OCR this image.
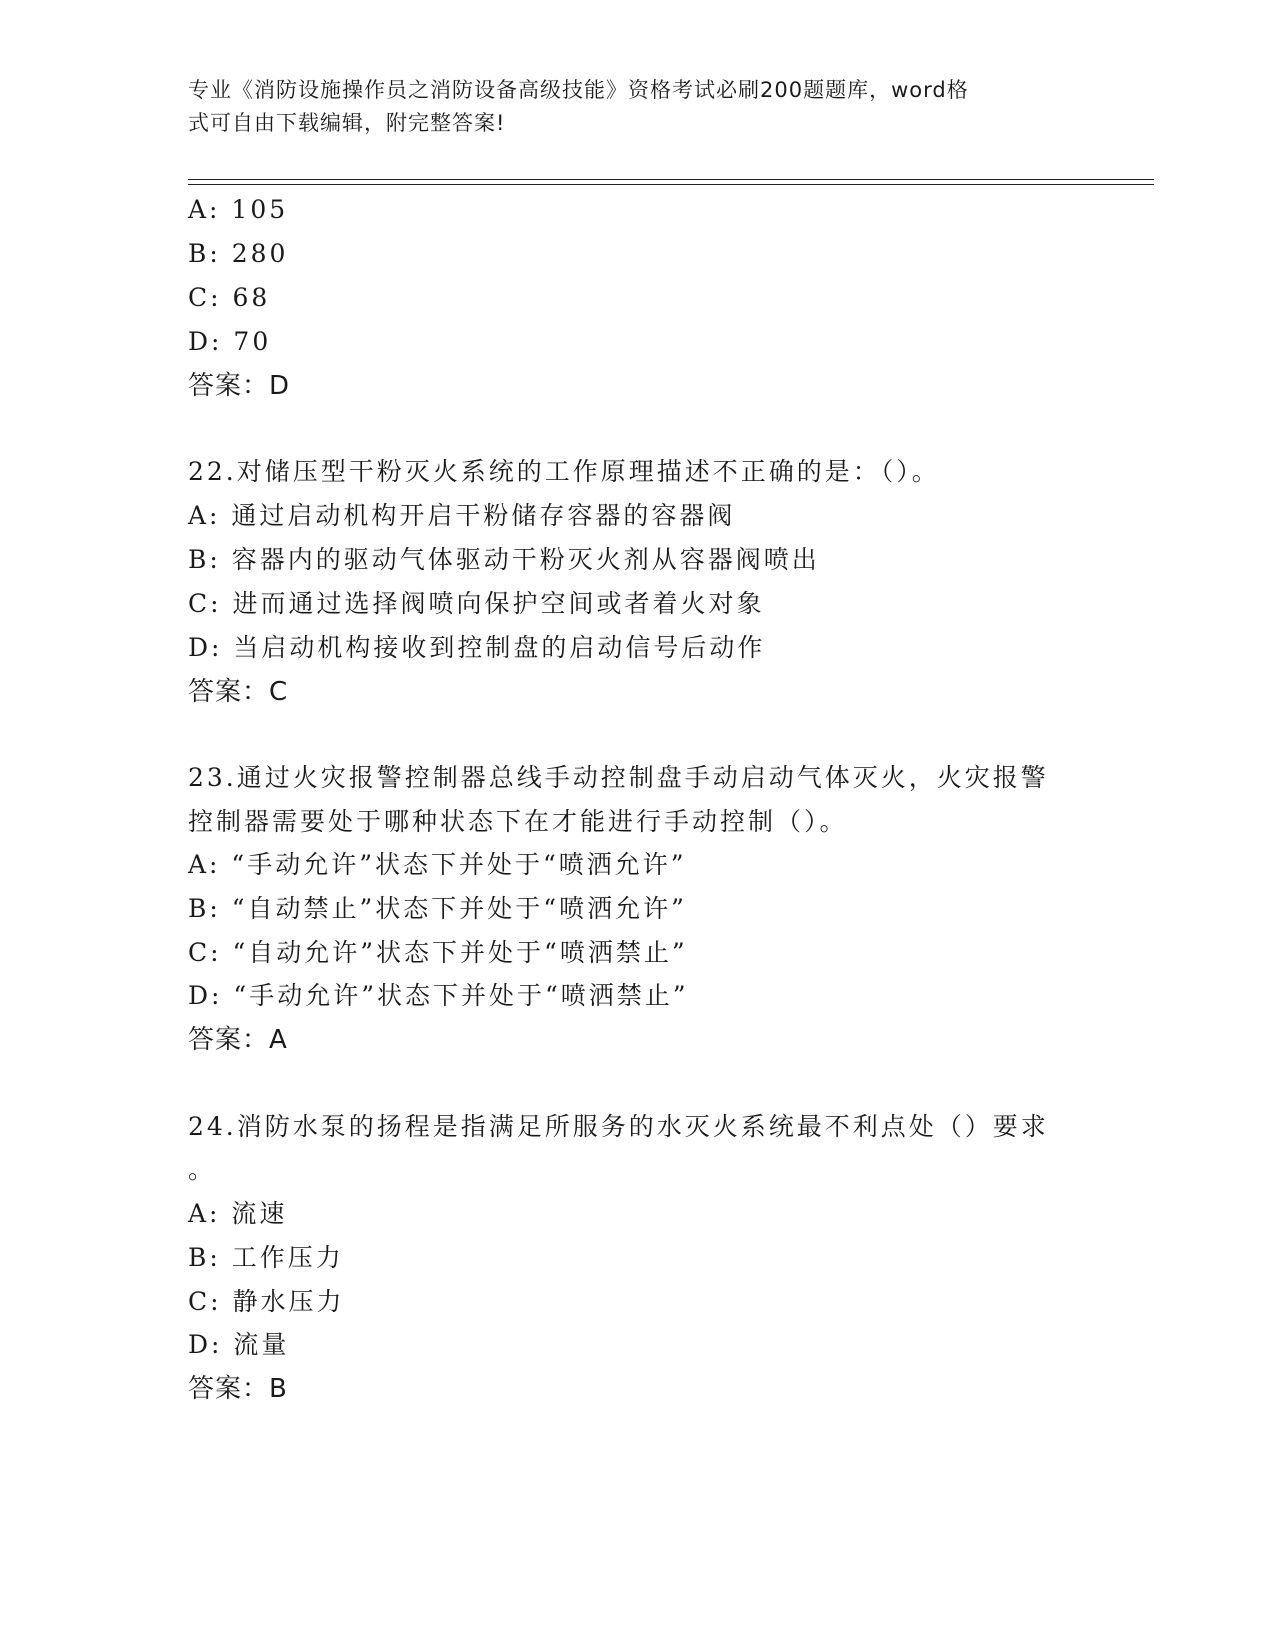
专业《消防设施操作员之消防设备高级技能》资格考试必刷200题题库，word格
式可自由下载编辑，附完整答案!

A: 105

B: 280

C: 68

D: 70

答案：D

22.对储压型干粉灭火系统的工作原理描述不正确的是：（）。

A: 通过启动机构开启干粉储存容器的容器阀

B: 容器内的驱动气体驱动干粉灭火剂从容器阀喷出

C: 进而通过选择阀喷向保护空间或者着火对象

D: 当启动机构接收到控制盘的启动信号后动作

答案：C

23.通过火灾报警控制器总线手动控制盘手动启动气体灭火，火灾报警

控制器需要处于哪种状态下在才能进行手动控制（）。

A: “手动允许”状态下并处于“喷洒允许”

B: “自动禁止”状态下并处于“喷洒允许”

C: “自动允许”状态下并处于“喷洒禁止”

D: “手动允许”状态下并处于“喷洒禁止”

答案：A

24.消防水泵的扬程是指满足所服务的水灭火系统最不利点处（）要求

。

A: 流速

B: 工作压力

C: 静水压力

D: 流量

答案：B
